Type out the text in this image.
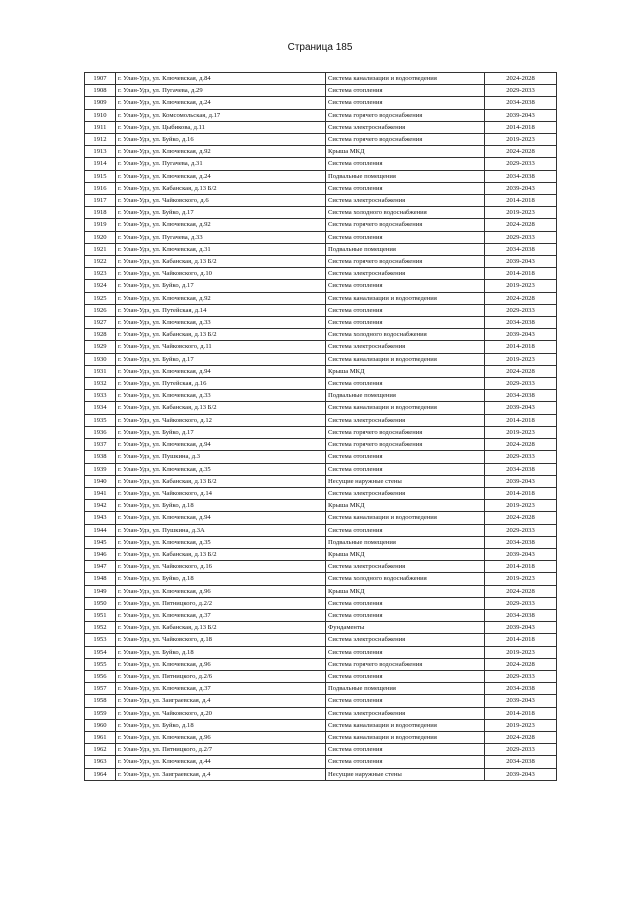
Страница 185
1907	г. Улан-Удэ, ул. Ключевская, д.84	Система канализации и водоотведения	2024-2028
1908	г. Улан-Удэ, ул. Пугачева, д.29	Система отопления	2029-2033
1909	г. Улан-Удэ, ул. Ключевская, д.24	Система отопления	2034-2038
1910	г. Улан-Удэ, ул. Комсомольская, д.17	Система горячего водоснабжения	2039-2043
1911	г. Улан-Удэ, ул. Цыбикова, д.11	Система электроснабжения	2014-2018
1912	г. Улан-Удэ, ул. Буйко, д.16	Система горячего водоснабжения	2019-2023
1913	г. Улан-Удэ, ул. Ключевская, д.92	Крыша МКД	2024-2028
1914	г. Улан-Удэ, ул. Пугачева, д.31	Система отопления	2029-2033
1915	г. Улан-Удэ, ул. Ключевская, д.24	Подвальные помещения	2034-2038
1916	г. Улан-Удэ, ул. Кабанская, д.13 Б/2	Система отопления	2039-2043
1917	г. Улан-Удэ, ул. Чайковского, д.6	Система электроснабжения	2014-2018
1918	г. Улан-Удэ, ул. Буйко, д.17	Система холодного водоснабжения	2019-2023
1919	г. Улан-Удэ, ул. Ключевская, д.92	Система горячего водоснабжения	2024-2028
1920	г. Улан-Удэ, ул. Пугачева, д.33	Система отопления	2029-2033
1921	г. Улан-Удэ, ул. Ключевская, д.31	Подвальные помещения	2034-2038
1922	г. Улан-Удэ, ул. Кабанская, д.13 Б/2	Система горячего водоснабжения	2039-2043
1923	г. Улан-Удэ, ул. Чайковского, д.10	Система электроснабжения	2014-2018
1924	г. Улан-Удэ, ул. Буйко, д.17	Система отопления	2019-2023
1925	г. Улан-Удэ, ул. Ключевская, д.92	Система канализации и водоотведения	2024-2028
1926	г. Улан-Удэ, ул. Путейская, д.14	Система отопления	2029-2033
1927	г. Улан-Удэ, ул. Ключевская, д.33	Система отопления	2034-2038
1928	г. Улан-Удэ, ул. Кабанская, д.13 Б/2	Система холодного водоснабжения	2039-2043
1929	г. Улан-Удэ, ул. Чайковского, д.11	Система электроснабжения	2014-2018
1930	г. Улан-Удэ, ул. Буйко, д.17	Система канализации и водоотведения	2019-2023
1931	г. Улан-Удэ, ул. Ключевская, д.94	Крыша МКД	2024-2028
1932	г. Улан-Удэ, ул. Путейская, д.16	Система отопления	2029-2033
1933	г. Улан-Удэ, ул. Ключевская, д.33	Подвальные помещения	2034-2038
1934	г. Улан-Удэ, ул. Кабанская, д.13 Б/2	Система канализации и водоотведения	2039-2043
1935	г. Улан-Удэ, ул. Чайковского, д.12	Система электроснабжения	2014-2018
1936	г. Улан-Удэ, ул. Буйко, д.17	Система горячего водоснабжения	2019-2023
1937	г. Улан-Удэ, ул. Ключевская, д.94	Система горячего водоснабжения	2024-2028
1938	г. Улан-Удэ, ул. Пушкина, д.3	Система отопления	2029-2033
1939	г. Улан-Удэ, ул. Ключевская, д.35	Система отопления	2034-2038
1940	г. Улан-Удэ, ул. Кабанская, д.13 Б/2	Несущие наружные стены	2039-2043
1941	г. Улан-Удэ, ул. Чайковского, д.14	Система электроснабжения	2014-2018
1942	г. Улан-Удэ, ул. Буйко, д.18	Крыша МКД	2019-2023
1943	г. Улан-Удэ, ул. Ключевская, д.94	Система канализации и водоотведения	2024-2028
1944	г. Улан-Удэ, ул. Пушкина, д.3А	Система отопления	2029-2033
1945	г. Улан-Удэ, ул. Ключевская, д.35	Подвальные помещения	2034-2038
1946	г. Улан-Удэ, ул. Кабанская, д.13 Б/2	Крыша МКД	2039-2043
1947	г. Улан-Удэ, ул. Чайковского, д.16	Система электроснабжения	2014-2018
1948	г. Улан-Удэ, ул. Буйко, д.18	Система холодного водоснабжения	2019-2023
1949	г. Улан-Удэ, ул. Ключевская, д.96	Крыша МКД	2024-2028
1950	г. Улан-Удэ, ул. Пятницкого, д.2/2	Система отопления	2029-2033
1951	г. Улан-Удэ, ул. Ключевская, д.37	Система отопления	2034-2038
1952	г. Улан-Удэ, ул. Кабанская, д.13 Б/2	Фундаменты	2039-2043
1953	г. Улан-Удэ, ул. Чайковского, д.18	Система электроснабжения	2014-2018
1954	г. Улан-Удэ, ул. Буйко, д.18	Система отопления	2019-2023
1955	г. Улан-Удэ, ул. Ключевская, д.96	Система горячего водоснабжения	2024-2028
1956	г. Улан-Удэ, ул. Пятницкого, д.2/6	Система отопления	2029-2033
1957	г. Улан-Удэ, ул. Ключевская, д.37	Подвальные помещения	2034-2038
1958	г. Улан-Удэ, ул. Заиграевская, д.4	Система отопления	2039-2043
1959	г. Улан-Удэ, ул. Чайковского, д.20	Система электроснабжения	2014-2018
1960	г. Улан-Удэ, ул. Буйко, д.18	Система канализации и водоотведения	2019-2023
1961	г. Улан-Удэ, ул. Ключевская, д.96	Система канализации и водоотведения	2024-2028
1962	г. Улан-Удэ, ул. Пятницкого, д.2/7	Система отопления	2029-2033
1963	г. Улан-Удэ, ул. Ключевская, д.44	Система отопления	2034-2038
1964	г. Улан-Удэ, ул. Заиграевская, д.4	Несущие наружные стены	2039-2043
